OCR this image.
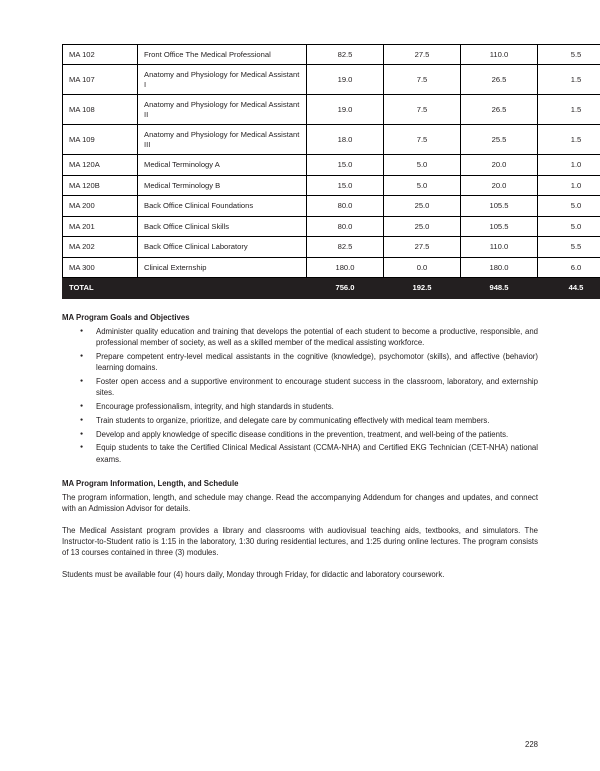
MA 102	Front Office The Medical Professional	82.5	27.5	110.0	5.5
MA 107	Anatomy and Physiology for Medical Assistant I	19.0	7.5	26.5	1.5
MA 108	Anatomy and Physiology for Medical Assistant II	19.0	7.5	26.5	1.5
MA 109	Anatomy and Physiology for Medical Assistant III	18.0	7.5	25.5	1.5
MA 120A	Medical Terminology A	15.0	5.0	20.0	1.0
MA 120B	Medical Terminology B	15.0	5.0	20.0	1.0
MA 200	Back Office Clinical Foundations	80.0	25.0	105.5	5.0
MA 201	Back Office Clinical Skills	80.0	25.0	105.5	5.0
MA 202	Back Office Clinical Laboratory	82.5	27.5	110.0	5.5
MA 300	Clinical Externship	180.0	0.0	180.0	6.0
TOTAL		756.0	192.5	948.5	44.5
MA Program Goals and Objectives
● Administer quality education and training that develops the potential of each student to become a productive, responsible, and professional member of society, as well as a skilled member of the medical assisting workforce.
● Prepare competent entry-level medical assistants in the cognitive (knowledge), psychomotor (skills), and affective (behavior) learning domains.
● Foster open access and a supportive environment to encourage student success in the classroom, laboratory, and externship sites.
● Encourage professionalism, integrity, and high standards in students.
● Train students to organize, prioritize, and delegate care by communicating effectively with medical team members.
● Develop and apply knowledge of specific disease conditions in the prevention, treatment, and well-being of the patients.
● Equip students to take the Certified Clinical Medical Assistant (CCMA-NHA) and Certified EKG Technician (CET-NHA) national exams.
MA Program Information, Length, and Schedule

The program information, length, and schedule may change. Read the accompanying Addendum for changes and updates, and connect with an Admission Advisor for details.

The Medical Assistant program provides a library and classrooms with audiovisual teaching aids, textbooks, and simulators. The Instructor-to-Student ratio is 1:15 in the laboratory, 1:30 during residential lectures, and 1:25 during online lectures. The program consists of 13 courses contained in three (3) modules.

Students must be available four (4) hours daily, Monday through Friday, for didactic and laboratory coursework.

228
